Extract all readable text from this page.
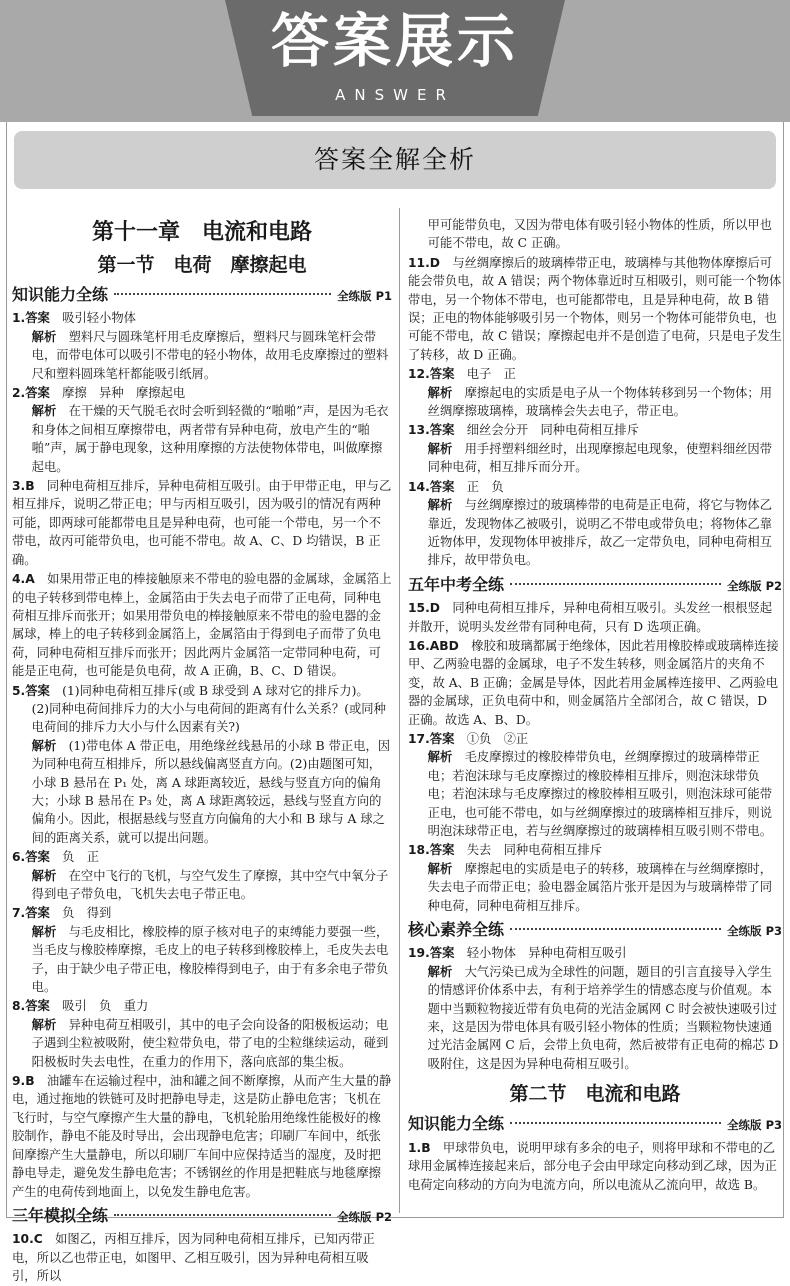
答案展示
ANSWER
答案全解全析
第十一章　电流和电路
第一节　电荷　摩擦起电
知识能力全练	全练版 P1
1.答案　 吸引轻小物体
解析　 塑料尺与圆珠笔杆用毛皮摩擦后，塑料尺与圆珠笔杆会带电，而带电体可以吸引不带电的轻小物体，故用毛皮摩擦过的塑料尺和塑料圆珠笔杆都能吸引纸屑。
2.答案　 摩擦　异种　摩擦起电
解析　 在干燥的天气脱毛衣时会听到轻微的“啪啪”声，是因为毛衣和身体之间相互摩擦带电，两者带有异种电荷，放电产生的“啪啪”声，属于静电现象，这种用摩擦的方法使物体带电，叫做摩擦起电。
3.B　 同种电荷相互排斥，异种电荷相互吸引。由于甲带正电，甲与乙相互排斥，说明乙带正电；甲与丙相互吸引，因为吸引的情况有两种可能，即两球可能都带电且是异种电荷，也可能一个带电，另一个不带电，故丙可能带负电，也可能不带电。故 A、C、D 均错误，B 正确。
4.A　 如果用带正电的棒接触原来不带电的验电器的金属球，金属箔上的电子转移到带电棒上，金属箔由于失去电子而带了正电荷，同种电荷相互排斥而张开；如果用带负电的棒接触原来不带电的验电器的金属球，棒上的电子转移到金属箔上，金属箔由于得到电子而带了负电荷，同种电荷相互排斥而张开；因此两片金属箔一定带同种电荷，可能是正电荷，也可能是负电荷，故 A 正确，B、C、D 错误。
5.答案　 (1)同种电荷相互排斥(或 B 球受到 A 球对它的排斥力)。
(2)同种电荷间排斥力的大小与电荷间的距离有什么关系？(或同种电荷间的排斥力大小与什么因素有关?)
解析　 (1)带电体 A 带正电，用绝缘丝线悬吊的小球 B 带正电，因为同种电荷互相排斥，所以悬线偏离竖直方向。(2)由题图可知，小球 B 悬吊在 P₁ 处，离 A 球距离较近，悬线与竖直方向的偏角大；小球 B 悬吊在 P₃ 处，离 A 球距离较远，悬线与竖直方向的偏角小。因此，根据悬线与竖直方向偏角的大小和 B 球与 A 球之间的距离关系，就可以提出问题。
6.答案　 负　正
解析　 在空中飞行的飞机，与空气发生了摩擦，其中空气中氧分子得到电子带负电，飞机失去电子带正电。
7.答案　 负　得到
解析　 与毛皮相比，橡胶棒的原子核对电子的束缚能力要强一些，当毛皮与橡胶棒摩擦，毛皮上的电子转移到橡胶棒上，毛皮失去电子，由于缺少电子带正电，橡胶棒得到电子，由于有多余电子带负电。
8.答案　 吸引　负　重力
解析　 异种电荷互相吸引，其中的电子会向设备的阳极板运动；电子遇到尘粒被吸附，使尘粒带负电，带了电的尘粒继续运动，碰到阳极板时失去电性，在重力的作用下，落向底部的集尘板。
9.B　 油罐车在运输过程中，油和罐之间不断摩擦，从而产生大量的静电，通过拖地的铁链可及时把静电导走，这是防止静电危害；飞机在飞行时，与空气摩擦产生大量的静电，飞机轮胎用绝缘性能极好的橡胶制作，静电不能及时导出，会出现静电危害；印刷厂车间中，纸张间摩擦产生大量静电，所以印刷厂车间中应保持适当的湿度，及时把静电导走，避免发生静电危害；不锈钢丝的作用是把鞋底与地毯摩擦产生的电荷传到地面上，以免发生静电危害。
三年模拟全练	全练版 P2
10.C　 如图乙，丙相互排斥，因为同种电荷相互排斥，已知丙带正电，所以乙也带正电，如图甲、乙相互吸引，因为异种电荷相互吸引，所以
甲可能带负电，又因为带电体有吸引轻小物体的性质，所以甲也可能不带电，故 C 正确。
11.D　 与丝绸摩擦后的玻璃棒带正电，玻璃棒与其他物体摩擦后可能会带负电，故 A 错误；两个物体靠近时互相吸引，则可能一个物体带电，另一个物体不带电，也可能都带电，且是异种电荷，故 B 错误；正电的物体能够吸引另一个物体，则另一个物体可能带负电，也可能不带电，故 C 错误；摩擦起电并不是创造了电荷，只是电子发生了转移，故 D 正确。
12.答案　 电子　正
解析　 摩擦起电的实质是电子从一个物体转移到另一个物体；用丝绸摩擦玻璃棒，玻璃棒会失去电子，带正电。
13.答案　 细丝会分开　同种电荷相互排斥
解析　 用手捋塑料细丝时，出现摩擦起电现象，使塑料细丝因带同种电荷，相互排斥而分开。
14.答案　 正　负
解析　 与丝绸摩擦过的玻璃棒带的电荷是正电荷，将它与物体乙靠近，发现物体乙被吸引，说明乙不带电或带负电；将物体乙靠近物体甲，发现物体甲被排斥，故乙一定带负电，同种电荷相互排斥，故甲带负电。
五年中考全练	全练版 P2
15.D　 同种电荷相互排斥，异种电荷相互吸引。头发丝一根根竖起并散开，说明头发丝带有同种电荷，只有 D 选项正确。
16.ABD　 橡胶和玻璃都属于绝缘体，因此若用橡胶棒或玻璃棒连接甲、乙两验电器的金属球，电子不发生转移，则金属箔片的夹角不变，故 A、B 正确；金属是导体，因此若用金属棒连接甲、乙两验电器的金属球，正负电荷中和，则金属箔片全部闭合，故 C 错误，D 正确。故选 A、B、D。
17.答案　 ①负　②正
解析　 毛皮摩擦过的橡胶棒带负电，丝绸摩擦过的玻璃棒带正电；若泡沫球与毛皮摩擦过的橡胶棒相互排斥，则泡沫球带负电；若泡沫球与毛皮摩擦过的橡胶棒相互吸引，则泡沫球可能带正电，也可能不带电，如与丝绸摩擦过的玻璃棒相互排斥，则说明泡沫球带正电，若与丝绸摩擦过的玻璃棒相互吸引则不带电。
18.答案　 失去　同种电荷相互排斥
解析　 摩擦起电的实质是电子的转移，玻璃棒在与丝绸摩擦时，失去电子而带正电；验电器金属箔片张开是因为与玻璃棒带了同种电荷，同种电荷相互排斥。
核心素养全练	全练版 P3
19.答案　 轻小物体　异种电荷相互吸引
解析　 大气污染已成为全球性的问题，题目的引言直接导入学生的情感评价体系中去，有利于培养学生的情感态度与价值观。本题中当颗粒物接近带有负电荷的光洁金属网 C 时会被快速吸引过来，这是因为带电体具有吸引轻小物体的性质；当颗粒物快速通过光洁金属网 C 后，会带上负电荷，然后被带有正电荷的棉芯 D 吸附住，这是因为异种电荷相互吸引。
第二节　电流和电路
知识能力全练	全练版 P3
1.B　 甲球带负电，说明甲球有多余的电子，则将甲球和不带电的乙球用金属棒连接起来后，部分电子会由甲球定向移动到乙球，因为正电荷定向移动的方向为电流方向，所以电流从乙流向甲，故选 B。
